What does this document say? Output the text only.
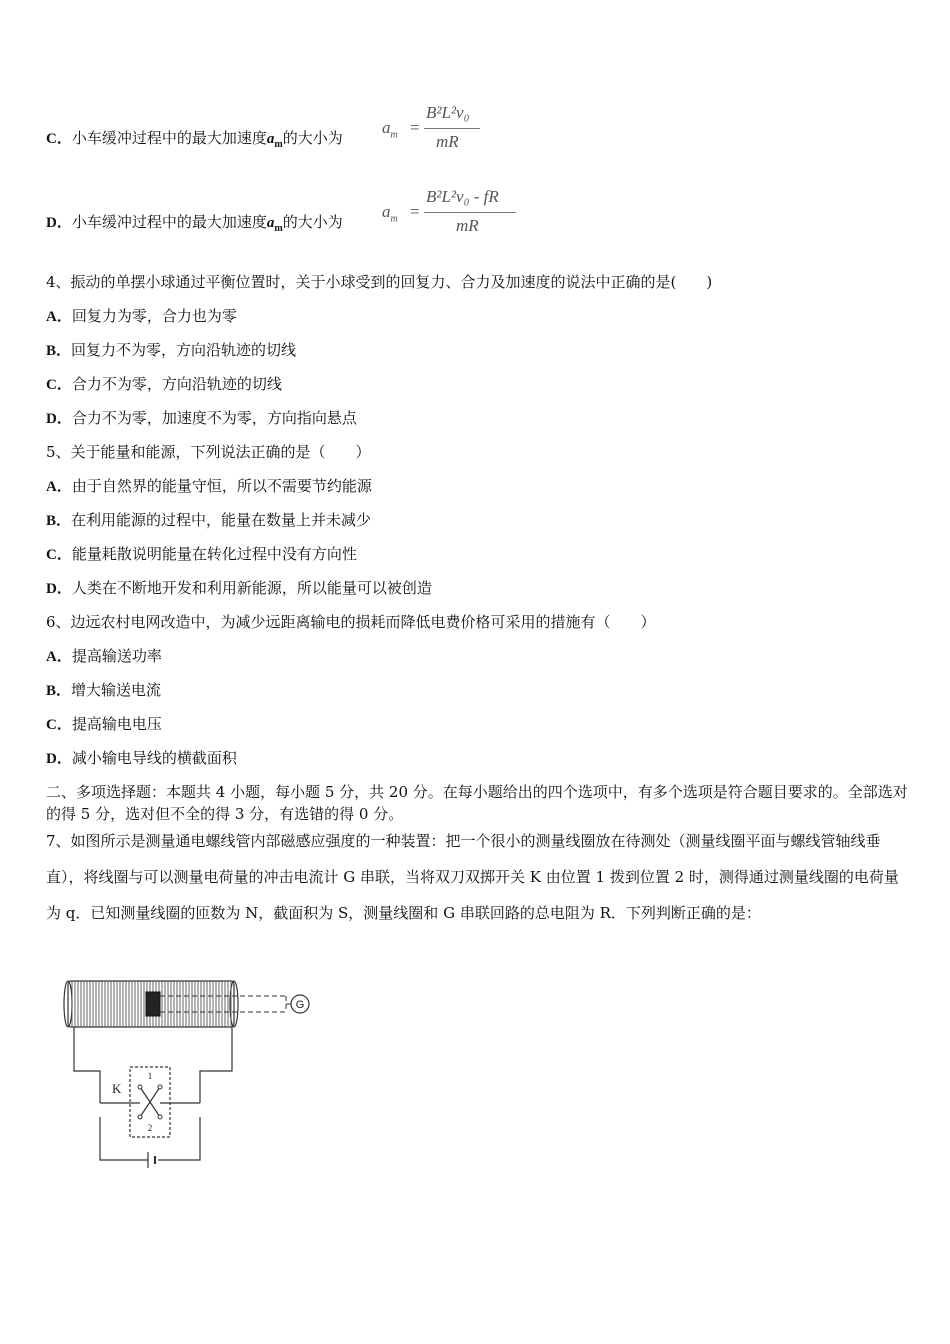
C．小车缓冲过程中的最大加速度$a_m$的大小为
$a_m$ =
B²L²v₀
mR
D．小车缓冲过程中的最大加速度$a_m$的大小为
$a_m$ =
B²L²v₀ - fR
mR
4、振动的单摆小球通过平衡位置时，关于小球受到的回复力、合力及加速度的说法中正确的是(　　)
A．回复力为零，合力也为零
B．回复力不为零，方向沿轨迹的切线
C．合力不为零，方向沿轨迹的切线
D．合力不为零，加速度不为零，方向指向悬点
5、关于能量和能源，下列说法正确的是（　　）
A．由于自然界的能量守恒，所以不需要节约能源
B．在利用能源的过程中，能量在数量上并未减少
C．能量耗散说明能量在转化过程中没有方向性
D．人类在不断地开发和利用新能源，所以能量可以被创造
6、边远农村电网改造中，为减少远距离输电的损耗而降低电费价格可采用的措施有（　　）
A．提高输送功率
B．增大输送电流
C．提高输电电压
D．减小输电导线的横截面积
二、多项选择题：本题共 4 小题，每小题 5 分，共 20 分。在每小题给出的四个选项中，有多个选项是符合题目要求的。全部选对的得 5 分，选对但不全的得 3 分，有选错的得 0 分。
7、如图所示是测量通电螺线管内部磁感应强度的一种装置：把一个很小的测量线圈放在待测处（测量线圈平面与螺线管轴线垂直），将线圈与可以测量电荷量的冲击电流计 G 串联，当将双刀双掷开关 K 由位置 1 拨到位置 2 时，测得通过测量线圈的电荷量为 q．已知测量线圈的匝数为 N，截面积为 S，测量线圈和 G 串联回路的总电阻为 R．下列判断正确的是：
G
K
1
2
